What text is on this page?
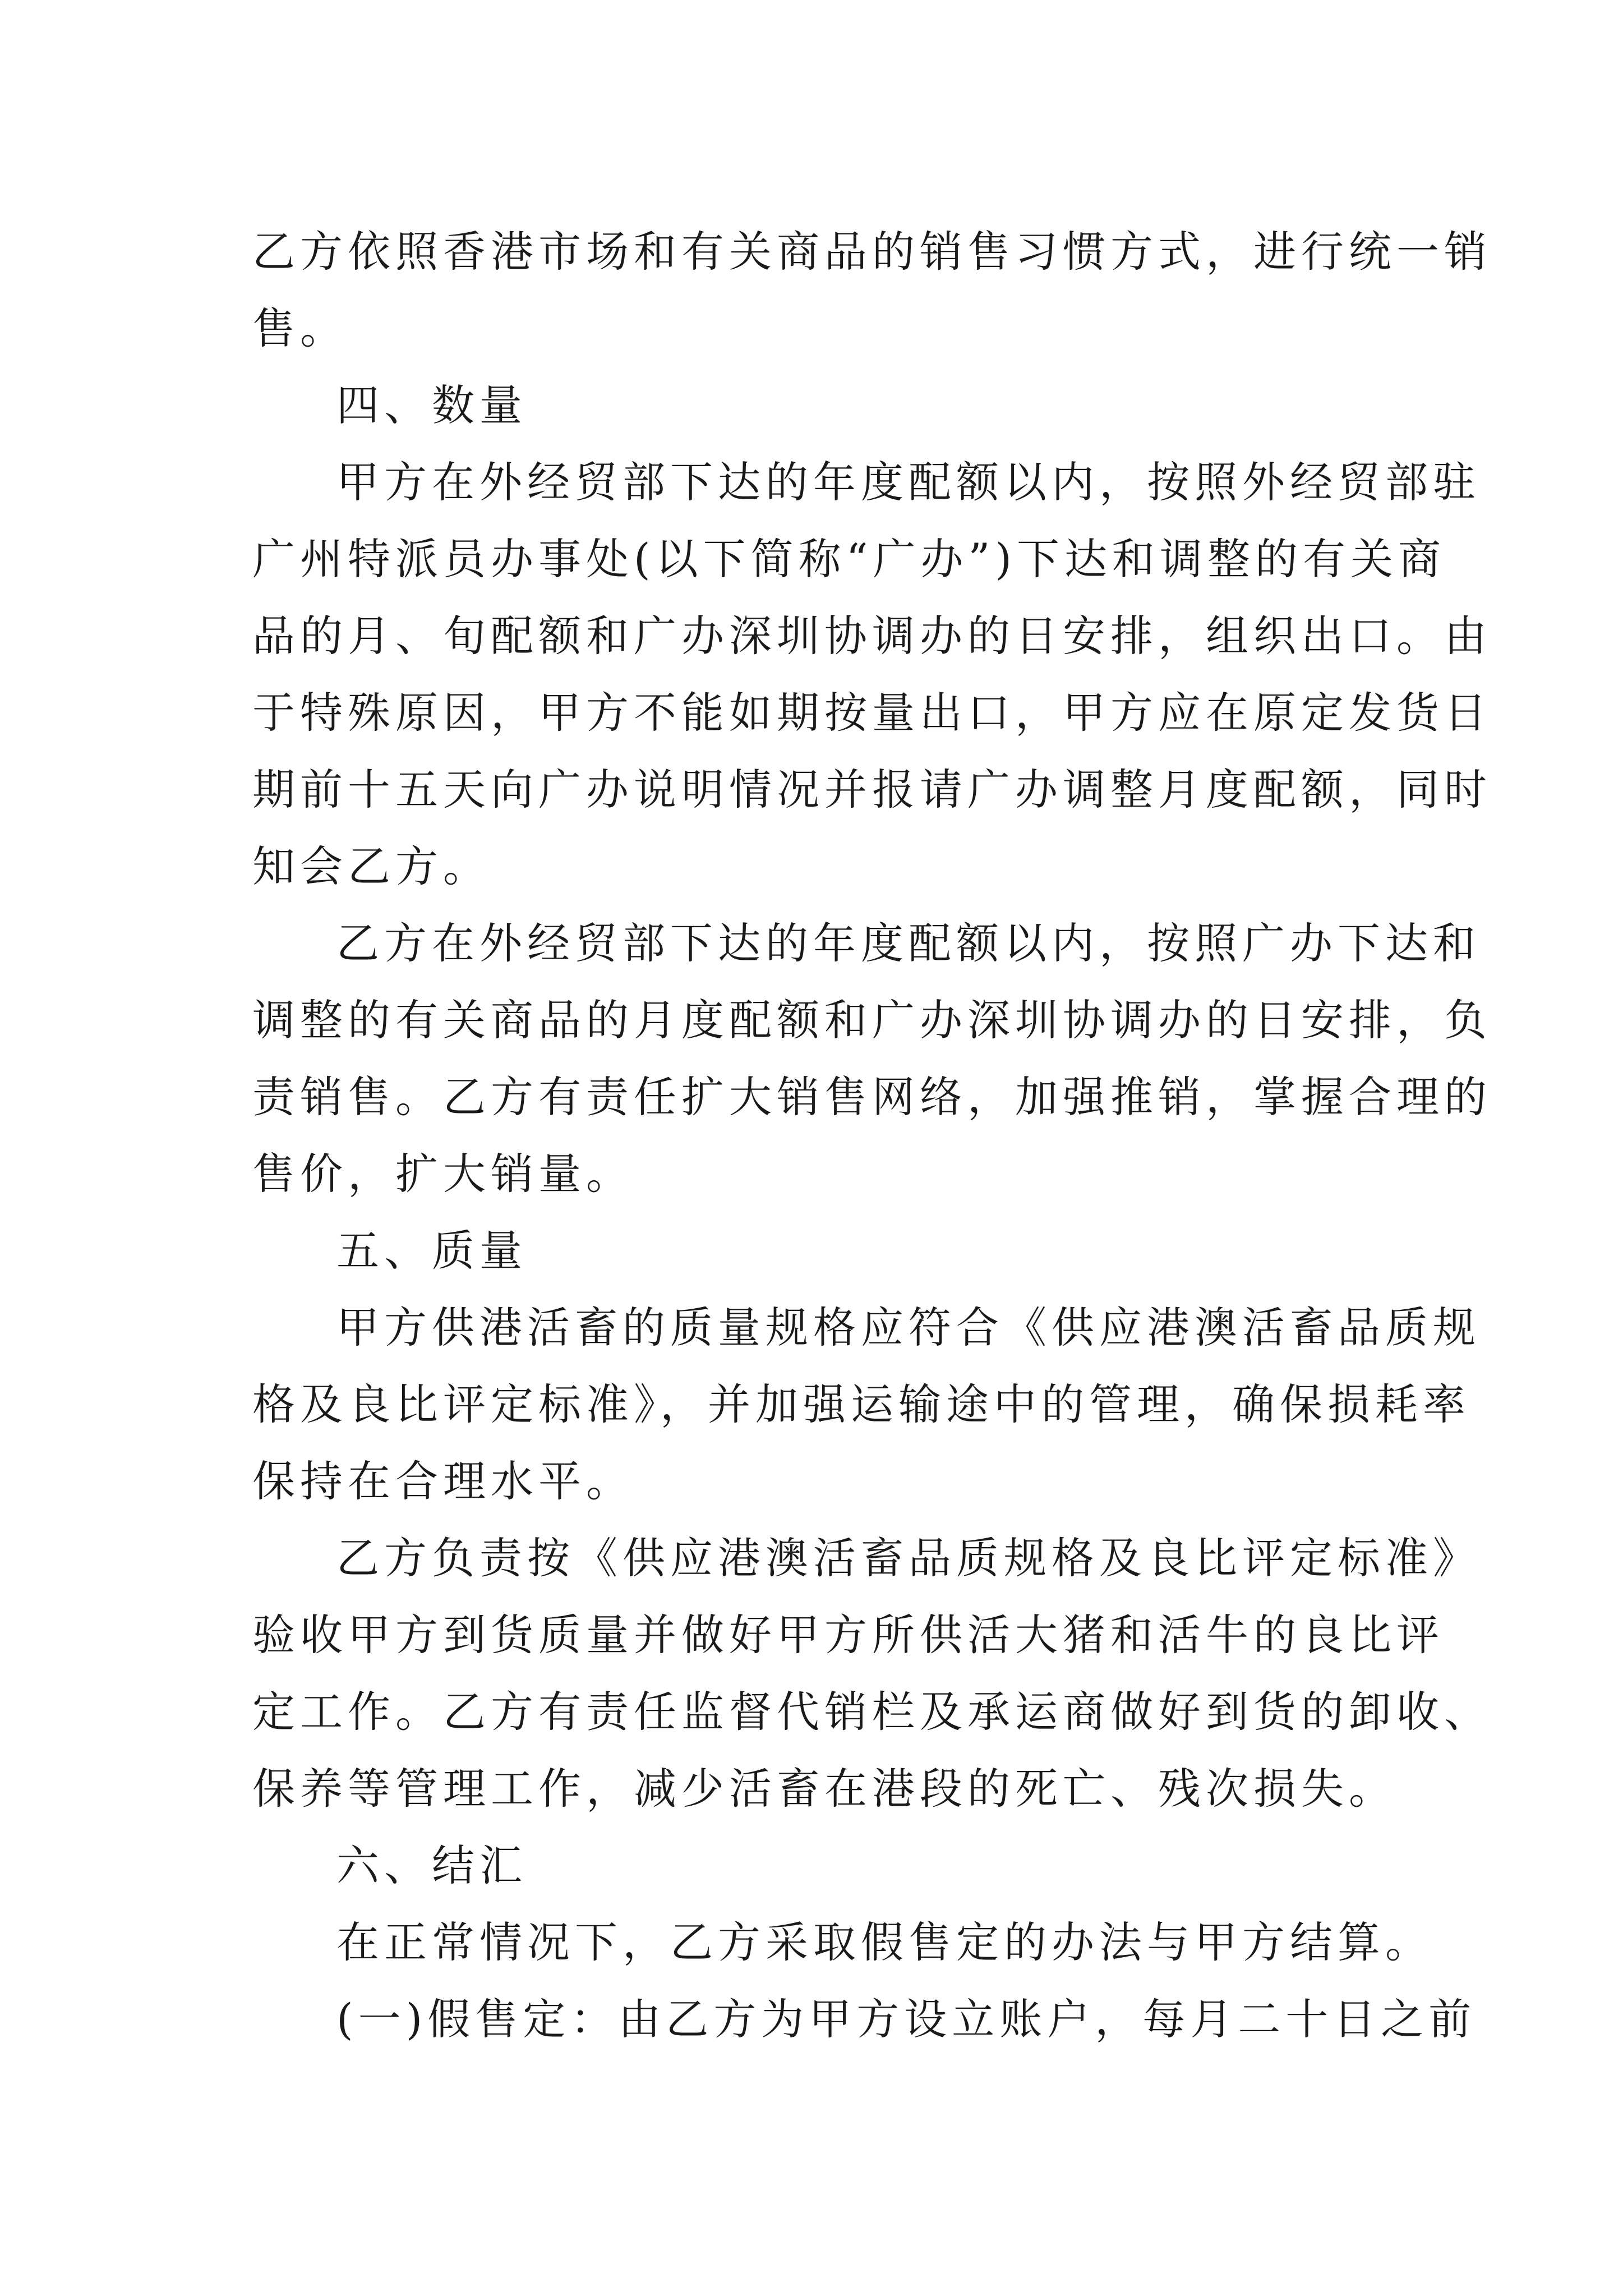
乙方依照香港市场和有关商品的销售习惯方式，进行统一销
售。
四、数量
甲方在外经贸部下达的年度配额以内，按照外经贸部驻
广州特派员办事处(以下简称“广办”)下达和调整的有关商
品的月、旬配额和广办深圳协调办的日安排，组织出口。由
于特殊原因，甲方不能如期按量出口，甲方应在原定发货日
期前十五天向广办说明情况并报请广办调整月度配额，同时
知会乙方。
乙方在外经贸部下达的年度配额以内，按照广办下达和
调整的有关商品的月度配额和广办深圳协调办的日安排，负
责销售。乙方有责任扩大销售网络，加强推销，掌握合理的
售价，扩大销量。
五、质量
甲方供港活畜的质量规格应符合《供应港澳活畜品质规
格及良比评定标准》，并加强运输途中的管理，确保损耗率
保持在合理水平。
乙方负责按《供应港澳活畜品质规格及良比评定标准》
验收甲方到货质量并做好甲方所供活大猪和活牛的良比评
定工作。乙方有责任监督代销栏及承运商做好到货的卸收、
保养等管理工作，减少活畜在港段的死亡、残次损失。
六、结汇
在正常情况下，乙方采取假售定的办法与甲方结算。
(一)假售定：由乙方为甲方设立账户，每月二十日之前
